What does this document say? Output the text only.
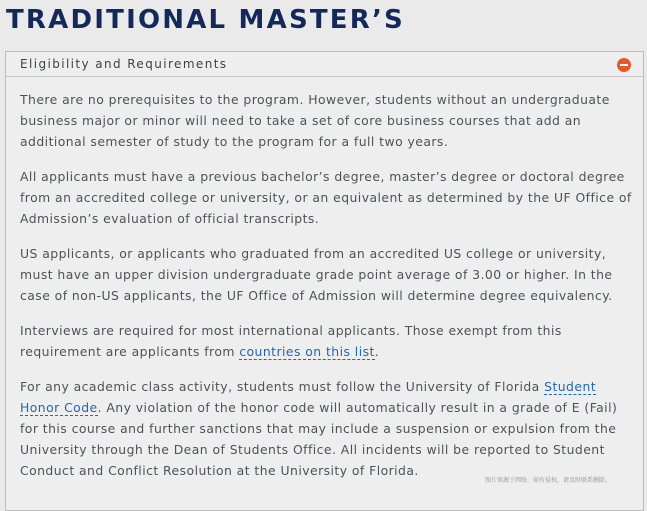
TRADITIONAL MASTER’S
Eligibility and Requirements

There are no prerequisites to the program. However, students without an undergraduate business major or minor will need to take a set of core business courses that add an additional semester of study to the program for a full two years.

All applicants must have a previous bachelor’s degree, master’s degree or doctoral degree from an accredited college or university, or an equivalent as determined by the UF Office of Admission’s evaluation of official transcripts.

US applicants, or applicants who graduated from an accredited US college or university, must have an upper division undergraduate grade point average of 3.00 or higher. In the case of non-US applicants, the UF Office of Admission will determine degree equivalency.

Interviews are required for most international applicants. Those exempt from this requirement are applicants from countries on this list.

For any academic class activity, students must follow the University of Florida Student Honor Code. Any violation of the honor code will automatically result in a grade of E (Fail) for this course and further sanctions that may include a suspension or expulsion from the University through the Dean of Students Office. All incidents will be reported to Student Conduct and Conflict Resolution at the University of Florida.

图片来源于网络，如有侵权，请及时联系删除。
